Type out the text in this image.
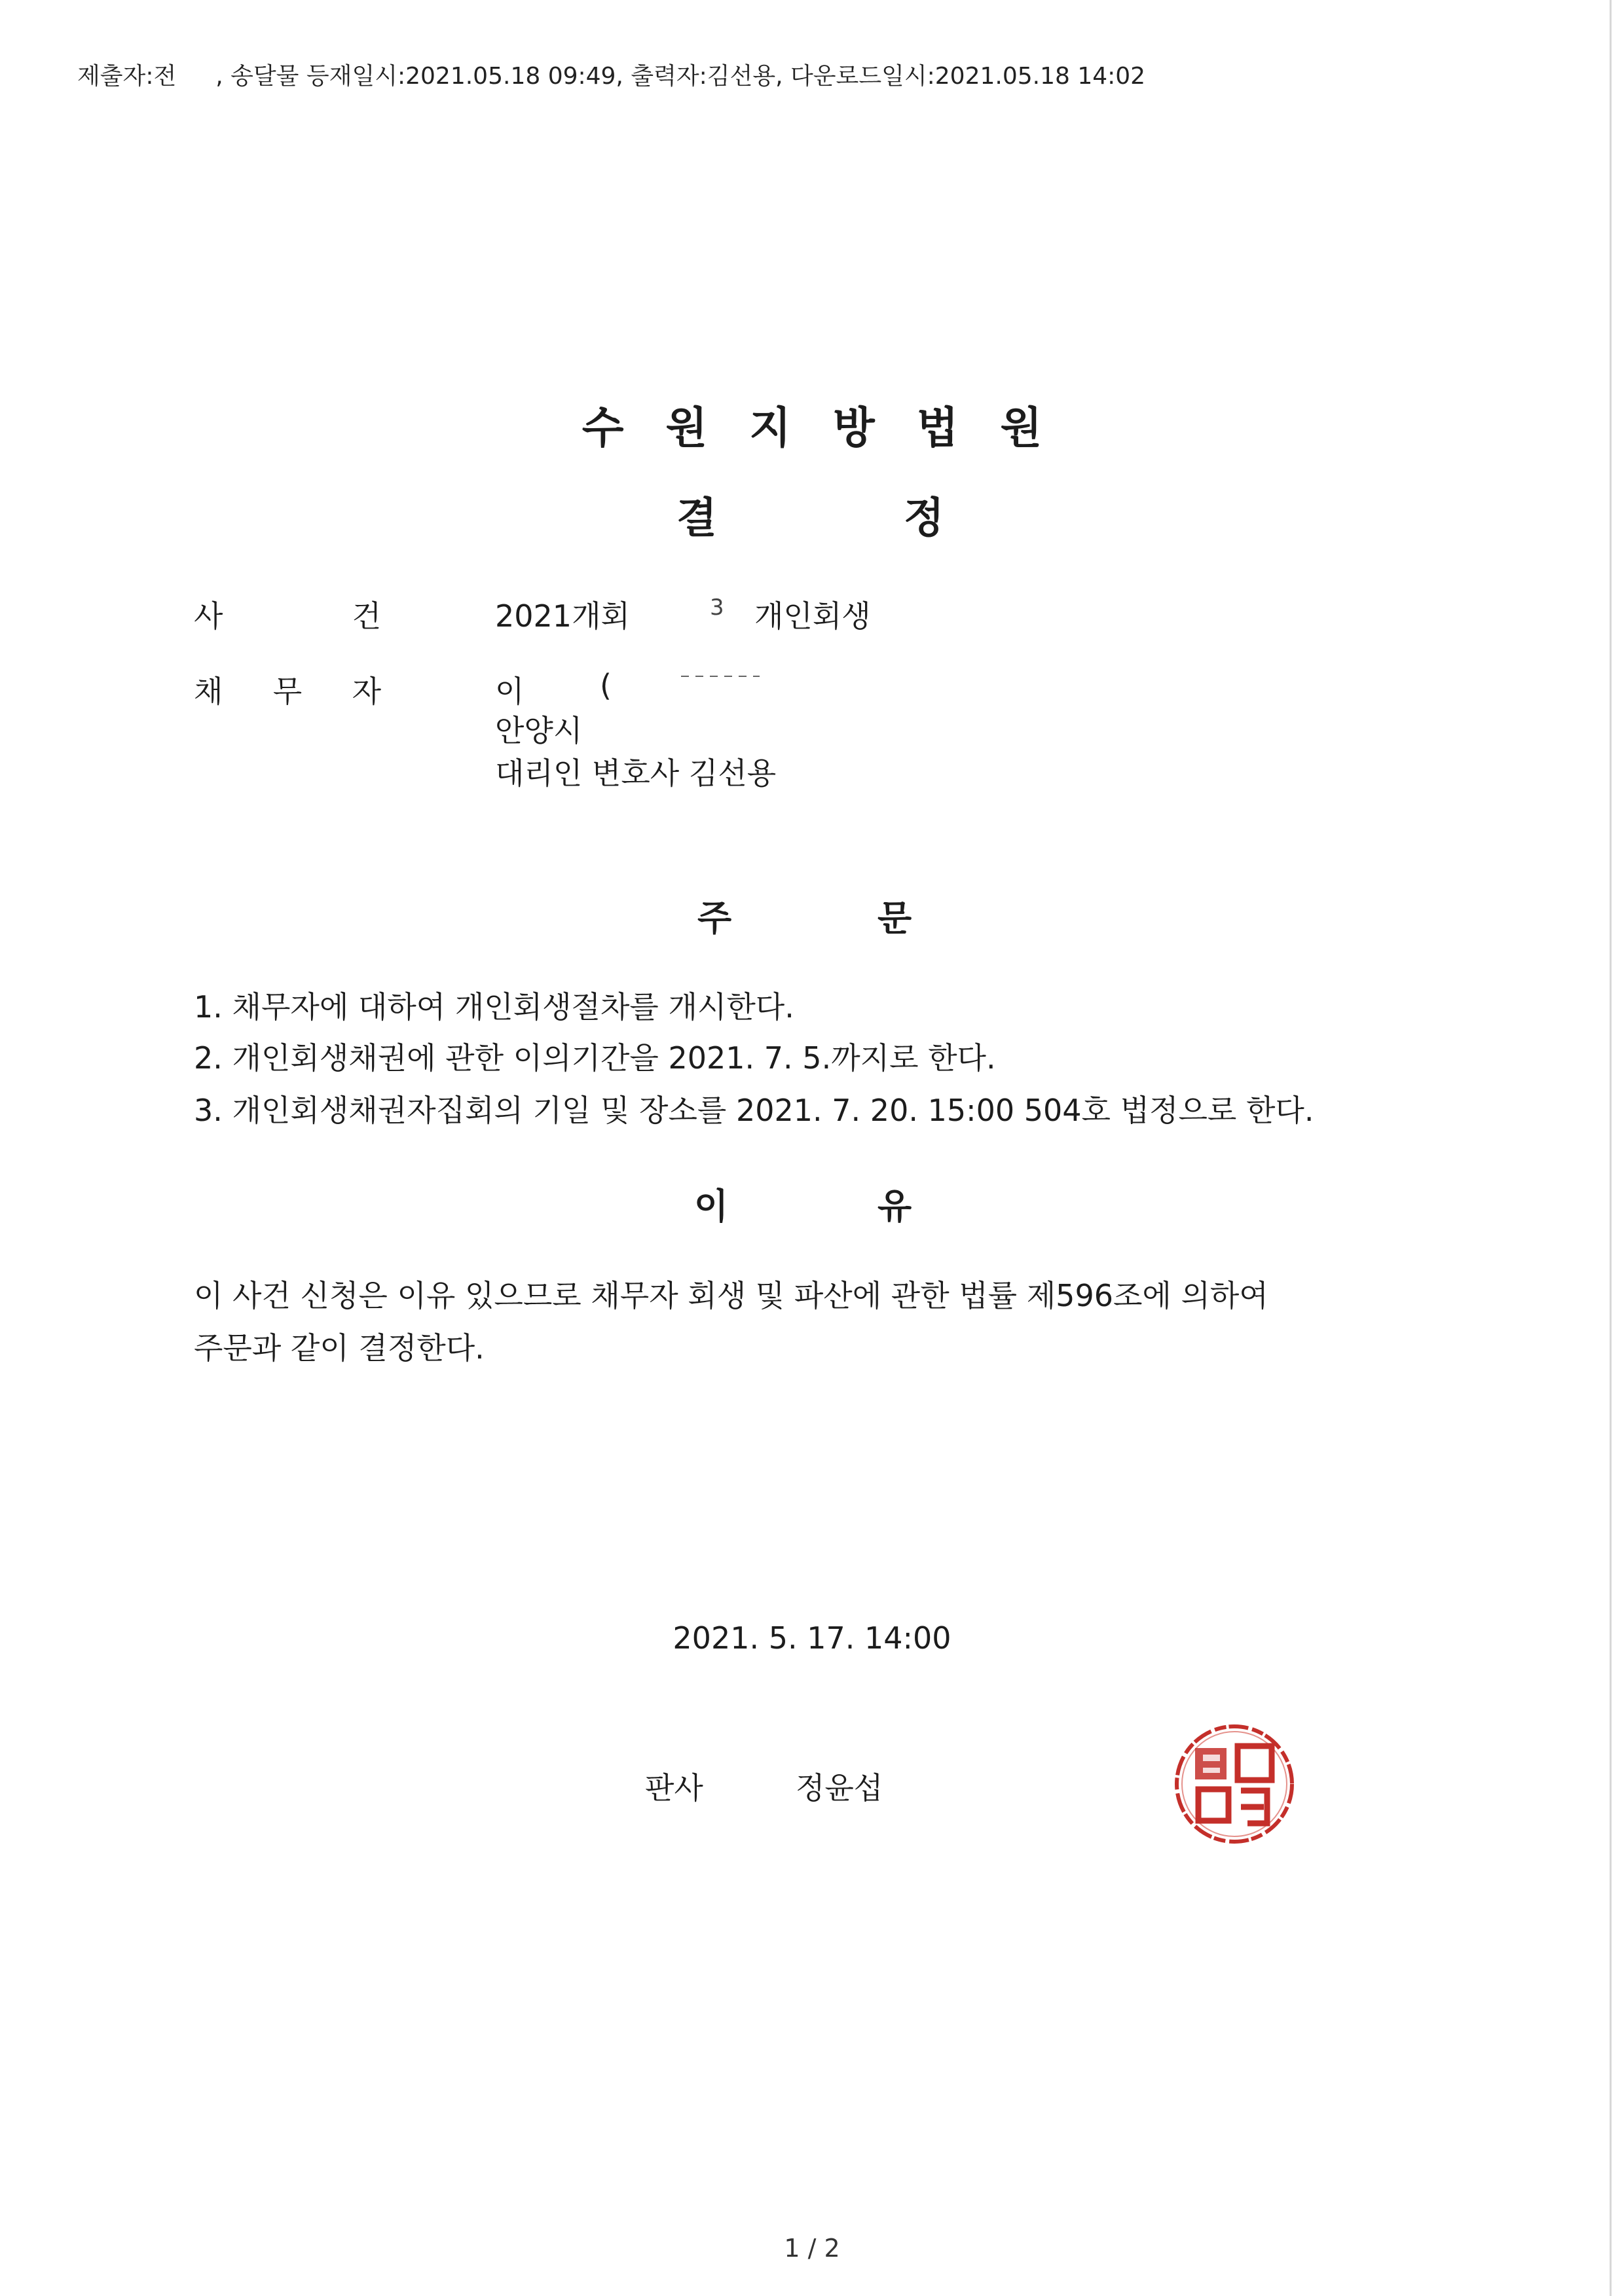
제출자:전 , 송달물 등재일시:2021.05.18 09:49, 출력자:김선용, 다운로드일시:2021.05.18 14:02
수원지방법원
결	정
사	건	2021개회	3 개인회생
채 무 자	이	(
안양시
대리인 변호사 김선용
주	문
1. 채무자에 대하여 개인회생절차를 개시한다.
2. 개인회생채권에 관한 이의기간을 2021. 7. 5.까지로 한다.
3. 개인회생채권자집회의 기일 및 장소를 2021. 7. 20. 15:00 504호 법정으로 한다.
이	유
이 사건 신청은 이유 있으므로 채무자 회생 및 파산에 관한 법률 제596조에 의하여
주문과 같이 결정한다.
2021. 5. 17. 14:00
판사	정윤섭
1 / 2
